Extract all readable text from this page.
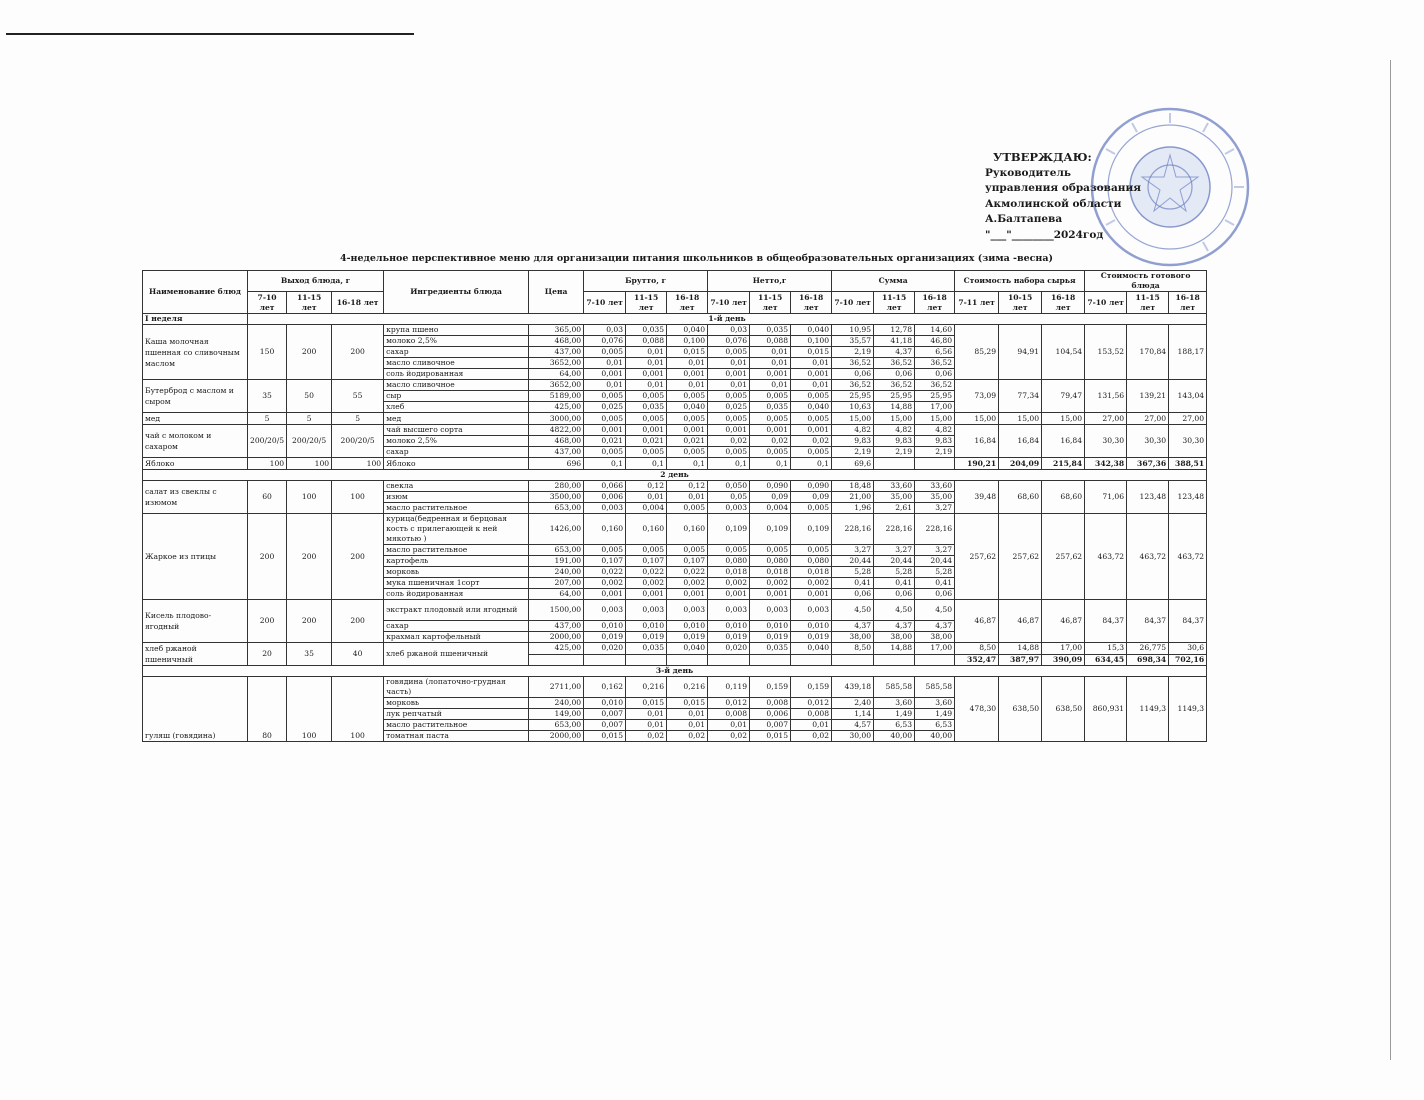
УТВЕРЖДАЮ:
Руководитель
управления образования
Акмолинской области
А.Балтапева
"___"________2024год
4-недельное перспективное меню для организации питания школьников в общеобразовательных организациях (зима -весна)
Наименование блюд	Выход блюда, г			Ингредиенты блюда	Цена	Брутто, г			Нетто,г			Сумма			Стоимость набора сырья			Стоимость готового блюда		
	7-10 лет	11-15 лет	16-18 лет			7-10 лет	11-15 лет	16-18 лет	7-10 лет	11-15 лет	16-18 лет	7-10 лет	11-15 лет	16-18 лет	7-11 лет	10-15 лет	16-18 лет	7-10 лет	11-15 лет	16-18 лет
I неделя	1-й день																			
Каша молочная пшенная со сливочным маслом	150	200	200	крупа пшено	365,00	0,03	0,035	0,040	0,03	0,035	0,040	10,95	12,78	14,60	85,29	94,91	104,54	153,52	170,84	188,17
				молоко 2,5%	468,00	0,076	0,088	0,100	0,076	0,088	0,100	35,57	41,18	46,80						
				сахар	437,00	0,005	0,01	0,015	0,005	0,01	0,015	2,19	4,37	6,56						
				масло сливочное	3652,00	0,01	0,01	0,01	0,01	0,01	0,01	36,52	36,52	36,52						
				соль йодированная	64,00	0,001	0,001	0,001	0,001	0,001	0,001	0,06	0,06	0,06						
Бутерброд с маслом и сыром	35	50	55	масло сливочное	3652,00	0,01	0,01	0,01	0,01	0,01	0,01	36,52	36,52	36,52	73,09	77,34	79,47	131,56	139,21	143,04
				сыр	5189,00	0,005	0,005	0,005	0,005	0,005	0,005	25,95	25,95	25,95						
				хлеб	425,00	0,025	0,035	0,040	0,025	0,035	0,040	10,63	14,88	17,00						
мед	5	5	5	мед	3000,00	0,005	0,005	0,005	0,005	0,005	0,005	15,00	15,00	15,00	15,00	15,00	15,00	27,00	27,00	27,00
чай с молоком и сахаром	200/20/5	200/20/5	200/20/5	чай высшего сорта	4822,00	0,001	0,001	0,001	0,001	0,001	0,001	4,82	4,82	4,82	16,84	16,84	16,84	30,30	30,30	30,30
				молоко 2,5%	468,00	0,021	0,021	0,021	0,02	0,02	0,02	9,83	9,83	9,83						
				сахар	437,00	0,005	0,005	0,005	0,005	0,005	0,005	2,19	2,19	2,19						
Яблоко	100	100	100	Яблоко	696	0,1	0,1	0,1	0,1	0,1	0,1	69,6			190,21	204,09	215,84	342,38	367,36	388,51
2 день																				
салат из свеклы с изюмом	60	100	100	свекла	280,00	0,066	0,12	0,12	0,050	0,090	0,090	18,48	33,60	33,60	39,48	68,60	68,60	71,06	123,48	123,48
				изюм	3500,00	0,006	0,01	0,01	0,05	0,09	0,09	21,00	35,00	35,00						
				масло растительное	653,00	0,003	0,004	0,005	0,003	0,004	0,005	1,96	2,61	3,27						
Жаркое из птицы	200	200	200	курица(бедренная и берцовая кость с прилегающей к ней мякотью )	1426,00	0,160	0,160	0,160	0,109	0,109	0,109	228,16	228,16	228,16	257,62	257,62	257,62	463,72	463,72	463,72
				масло растительное	653,00	0,005	0,005	0,005	0,005	0,005	0,005	3,27	3,27	3,27						
				картофель	191,00	0,107	0,107	0,107	0,080	0,080	0,080	20,44	20,44	20,44						
				морковь	240,00	0,022	0,022	0,022	0,018	0,018	0,018	5,28	5,28	5,28						
				мука пшеничная 1сорт	207,00	0,002	0,002	0,002	0,002	0,002	0,002	0,41	0,41	0,41						
				соль йодированная	64,00	0,001	0,001	0,001	0,001	0,001	0,001	0,06	0,06	0,06						
Кисель плодово-ягодный	200	200	200	экстракт плодовый или ягодный	1500,00	0,003	0,003	0,003	0,003	0,003	0,003	4,50	4,50	4,50	46,87	46,87	46,87	84,37	84,37	84,37
				сахар	437,00	0,010	0,010	0,010	0,010	0,010	0,010	4,37	4,37	4,37						
				крахмал картофельный	2000,00	0,019	0,019	0,019	0,019	0,019	0,019	38,00	38,00	38,00						
хлеб ржаной пшеничный	20	35	40	хлеб ржаной пшеничный	425,00	0,020	0,035	0,040	0,020	0,035	0,040	8,50	14,88	17,00	8,50	14,88	17,00	15,3	26,775	30,6
															352,47	387,97	390,09	634,45	698,34	702,16
3-й день																				
гуляш (говядина)	80	100	100	говядина (лопаточно-грудная часть)	2711,00	0,162	0,216	0,216	0,119	0,159	0,159	439,18	585,58	585,58	478,30	638,50	638,50	860,931	1149,3	1149,3
				морковь	240,00	0,010	0,015	0,015	0,012	0,008	0,012	2,40	3,60	3,60						
				лук репчатый	149,00	0,007	0,01	0,01	0,008	0,006	0,008	1,14	1,49	1,49						
				масло растительное	653,00	0,007	0,01	0,01	0,01	0,007	0,01	4,57	6,53	6,53						
				томатная паста	2000,00	0,015	0,02	0,02	0,02	0,015	0,02	30,00	40,00	40,00						
